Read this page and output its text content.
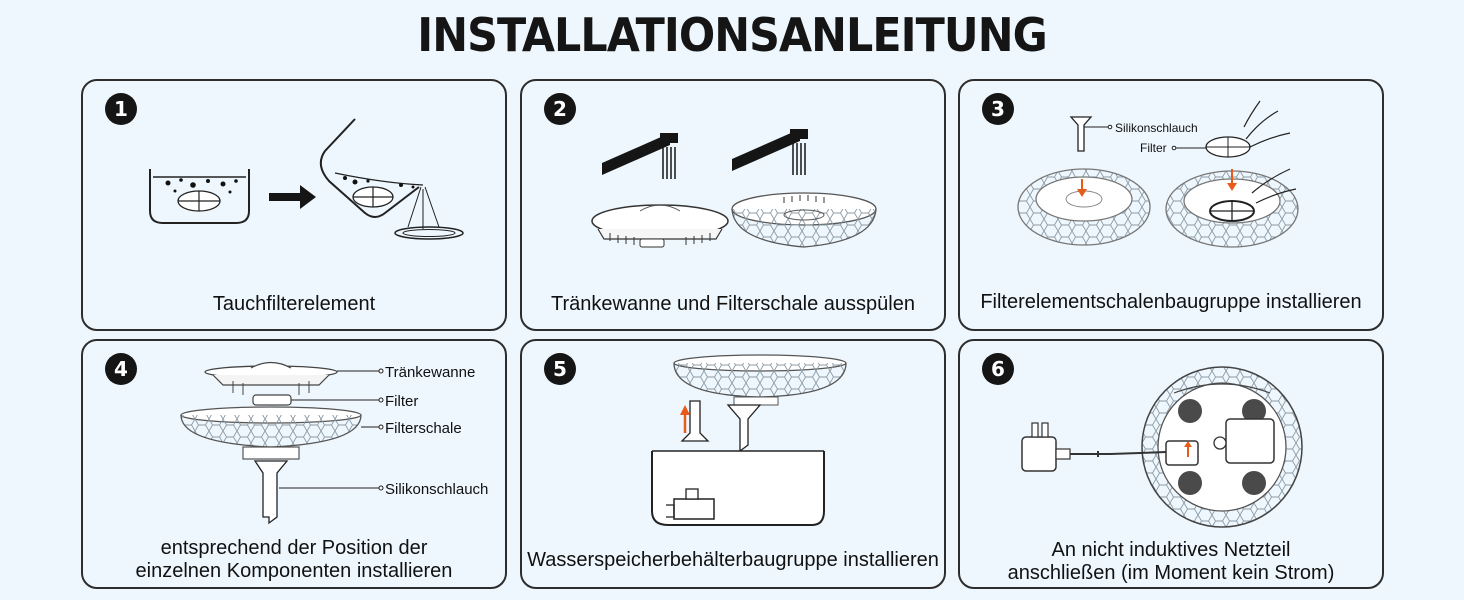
INSTALLATIONSANLEITUNG
1
Tauchfilterelement
2
Tränkewanne und Filterschale ausspülen
3
Silikonschlauch
Filter
Filterelementschalenbaugruppe installieren
4	Tränkewanne
Filter
Filterschale
Silikonschlauch
entsprechend der Position der
einzelnen Komponenten installieren
5
Wasserspeicherbehälterbaugruppe installieren
6
An nicht induktives Netzteil
anschließen (im Moment kein Strom)
